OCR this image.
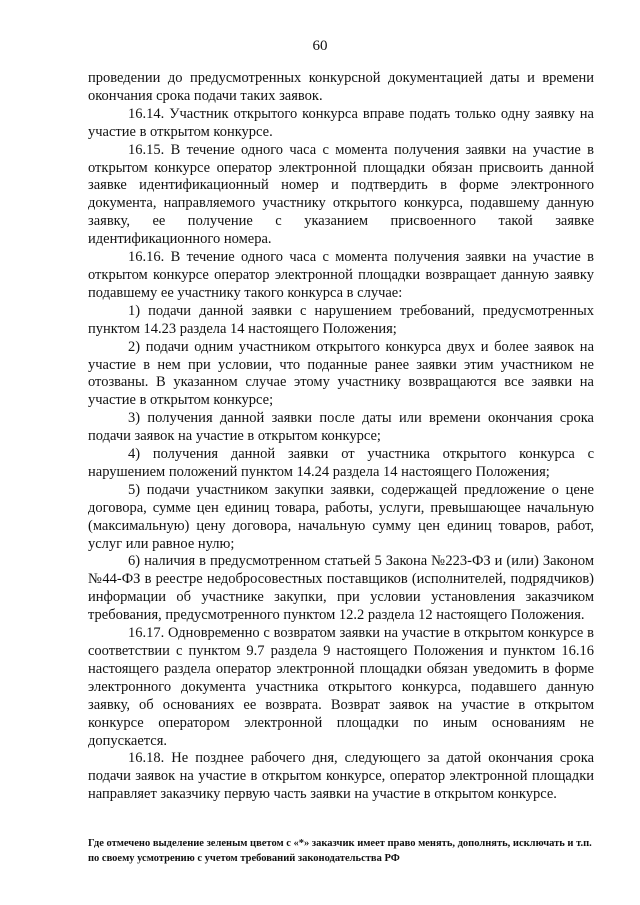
60

проведении до предусмотренных конкурсной документацией даты и времени окончания срока подачи таких заявок.

16.14. Участник открытого конкурса вправе подать только одну заявку на участие в открытом конкурсе.

16.15. В течение одного часа с момента получения заявки на участие в открытом конкурсе оператор электронной площадки обязан присвоить данной заявке идентификационный номер и подтвердить в форме электронного документа, направляемого участнику открытого конкурса, подавшему данную заявку, ее получение с указанием присвоенного такой заявке идентификационного номера.

16.16. В течение одного часа с момента получения заявки на участие в открытом конкурсе оператор электронной площадки возвращает данную заявку подавшему ее участнику такого конкурса в случае:

1) подачи данной заявки с нарушением требований, предусмотренных пунктом 14.23 раздела 14 настоящего Положения;

2) подачи одним участником открытого конкурса двух и более заявок на участие в нем при условии, что поданные ранее заявки этим участником не отозваны. В указанном случае этому участнику возвращаются все заявки на участие в открытом конкурсе;

3) получения данной заявки после даты или времени окончания срока подачи заявок на участие в открытом конкурсе;

4) получения данной заявки от участника открытого конкурса с нарушением положений пунктом 14.24 раздела 14 настоящего Положения;

5) подачи участником закупки заявки, содержащей предложение о цене договора, сумме цен единиц товара, работы, услуги, превышающее начальную (максимальную) цену договора, начальную сумму цен единиц товаров, работ, услуг или равное нулю;

6) наличия в предусмотренном статьей 5 Закона №223-ФЗ и (или) Законом №44-ФЗ в реестре недобросовестных поставщиков (исполнителей, подрядчиков) информации об участнике закупки, при условии установления заказчиком требования, предусмотренного пунктом 12.2 раздела 12 настоящего Положения.

16.17. Одновременно с возвратом заявки на участие в открытом конкурсе в соответствии с пунктом 9.7 раздела 9 настоящего Положения и пунктом 16.16 настоящего раздела оператор электронной площадки обязан уведомить в форме электронного документа участника открытого конкурса, подавшего данную заявку, об основаниях ее возврата. Возврат заявок на участие в открытом конкурсе оператором электронной площадки по иным основаниям не допускается.

16.18. Не позднее рабочего дня, следующего за датой окончания срока подачи заявок на участие в открытом конкурсе, оператор электронной площадки направляет заказчику первую часть заявки на участие в открытом конкурсе.

Где отмечено выделение зеленым цветом с «*» заказчик имеет право менять, дополнять, исключать и т.п. по своему усмотрению с учетом требований законодательства РФ
